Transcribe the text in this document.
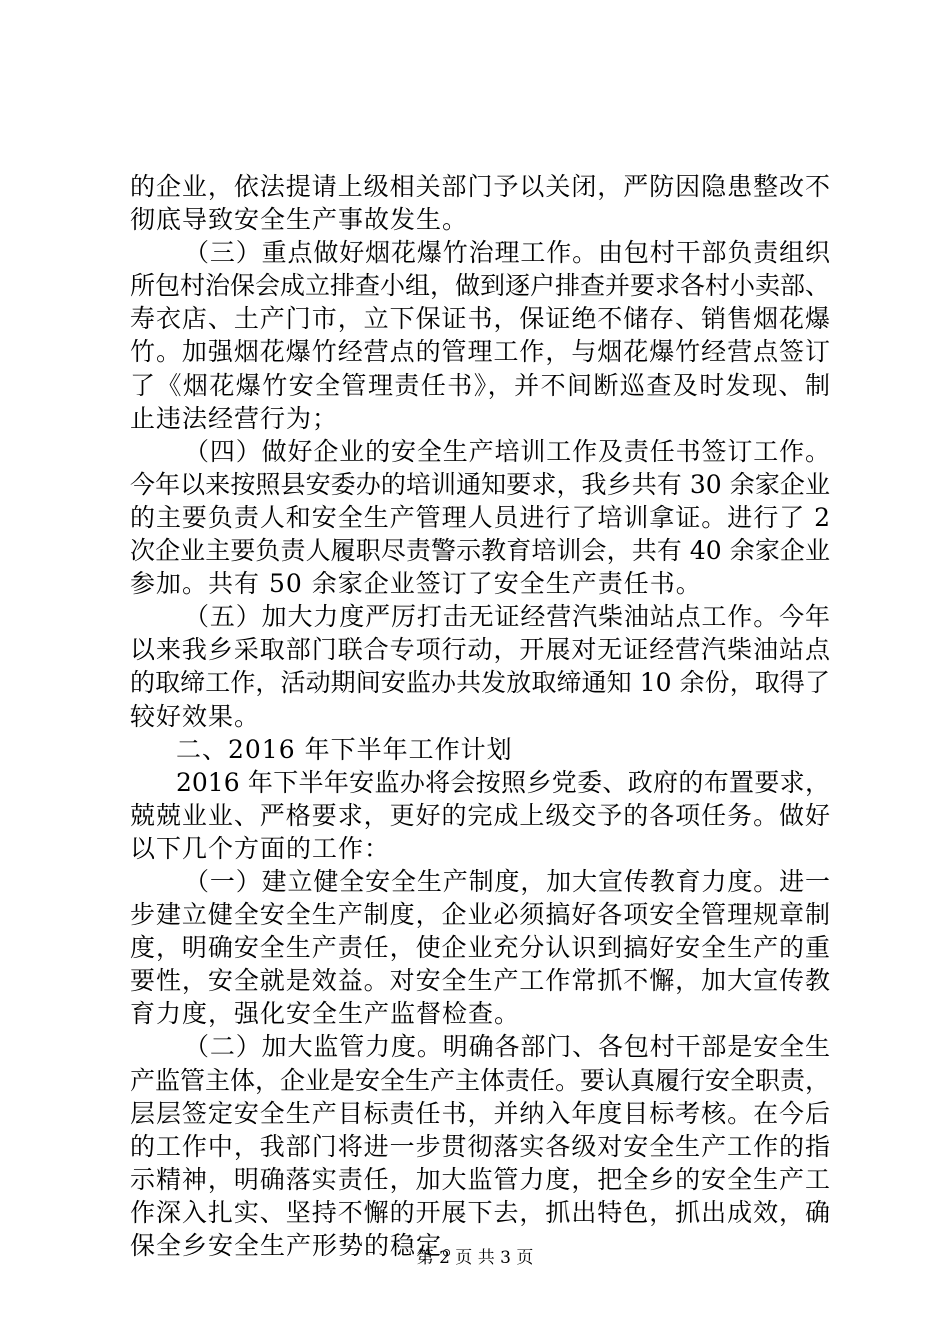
的企业，依法提请上级相关部门予以关闭，严防因隐患整改不
彻底导致安全生产事故发生。
（三）重点做好烟花爆竹治理工作。由包村干部负责组织
所包村治保会成立排查小组，做到逐户排查并要求各村小卖部、
寿衣店、土产门市，立下保证书，保证绝不储存、销售烟花爆
竹。加强烟花爆竹经营点的管理工作，与烟花爆竹经营点签订
了《烟花爆竹安全管理责任书》，并不间断巡查及时发现、制
止违法经营行为；
（四）做好企业的安全生产培训工作及责任书签订工作。
今年以来按照县安委办的培训通知要求，我乡共有 30 余家企业
的主要负责人和安全生产管理人员进行了培训拿证。进行了 2
次企业主要负责人履职尽责警示教育培训会，共有 40 余家企业
参加。共有 50 余家企业签订了安全生产责任书。
（五）加大力度严厉打击无证经营汽柴油站点工作。今年
以来我乡采取部门联合专项行动，开展对无证经营汽柴油站点
的取缔工作，活动期间安监办共发放取缔通知 10 余份，取得了
较好效果。
二、2016 年下半年工作计划
2016 年下半年安监办将会按照乡党委、政府的布置要求，
兢兢业业、严格要求，更好的完成上级交予的各项任务。做好
以下几个方面的工作：
（一）建立健全安全生产制度，加大宣传教育力度。进一
步建立健全安全生产制度，企业必须搞好各项安全管理规章制
度，明确安全生产责任，使企业充分认识到搞好安全生产的重
要性，安全就是效益。对安全生产工作常抓不懈，加大宣传教
育力度，强化安全生产监督检查。
（二）加大监管力度。明确各部门、各包村干部是安全生
产监管主体，企业是安全生产主体责任。要认真履行安全职责，
层层签定安全生产目标责任书，并纳入年度目标考核。在今后
的工作中，我部门将进一步贯彻落实各级对安全生产工作的指
示精神，明确落实责任，加大监管力度，把全乡的安全生产工
作深入扎实、坚持不懈的开展下去，抓出特色，抓出成效，确
保全乡安全生产形势的稳定。
第 2 页 共 3 页
